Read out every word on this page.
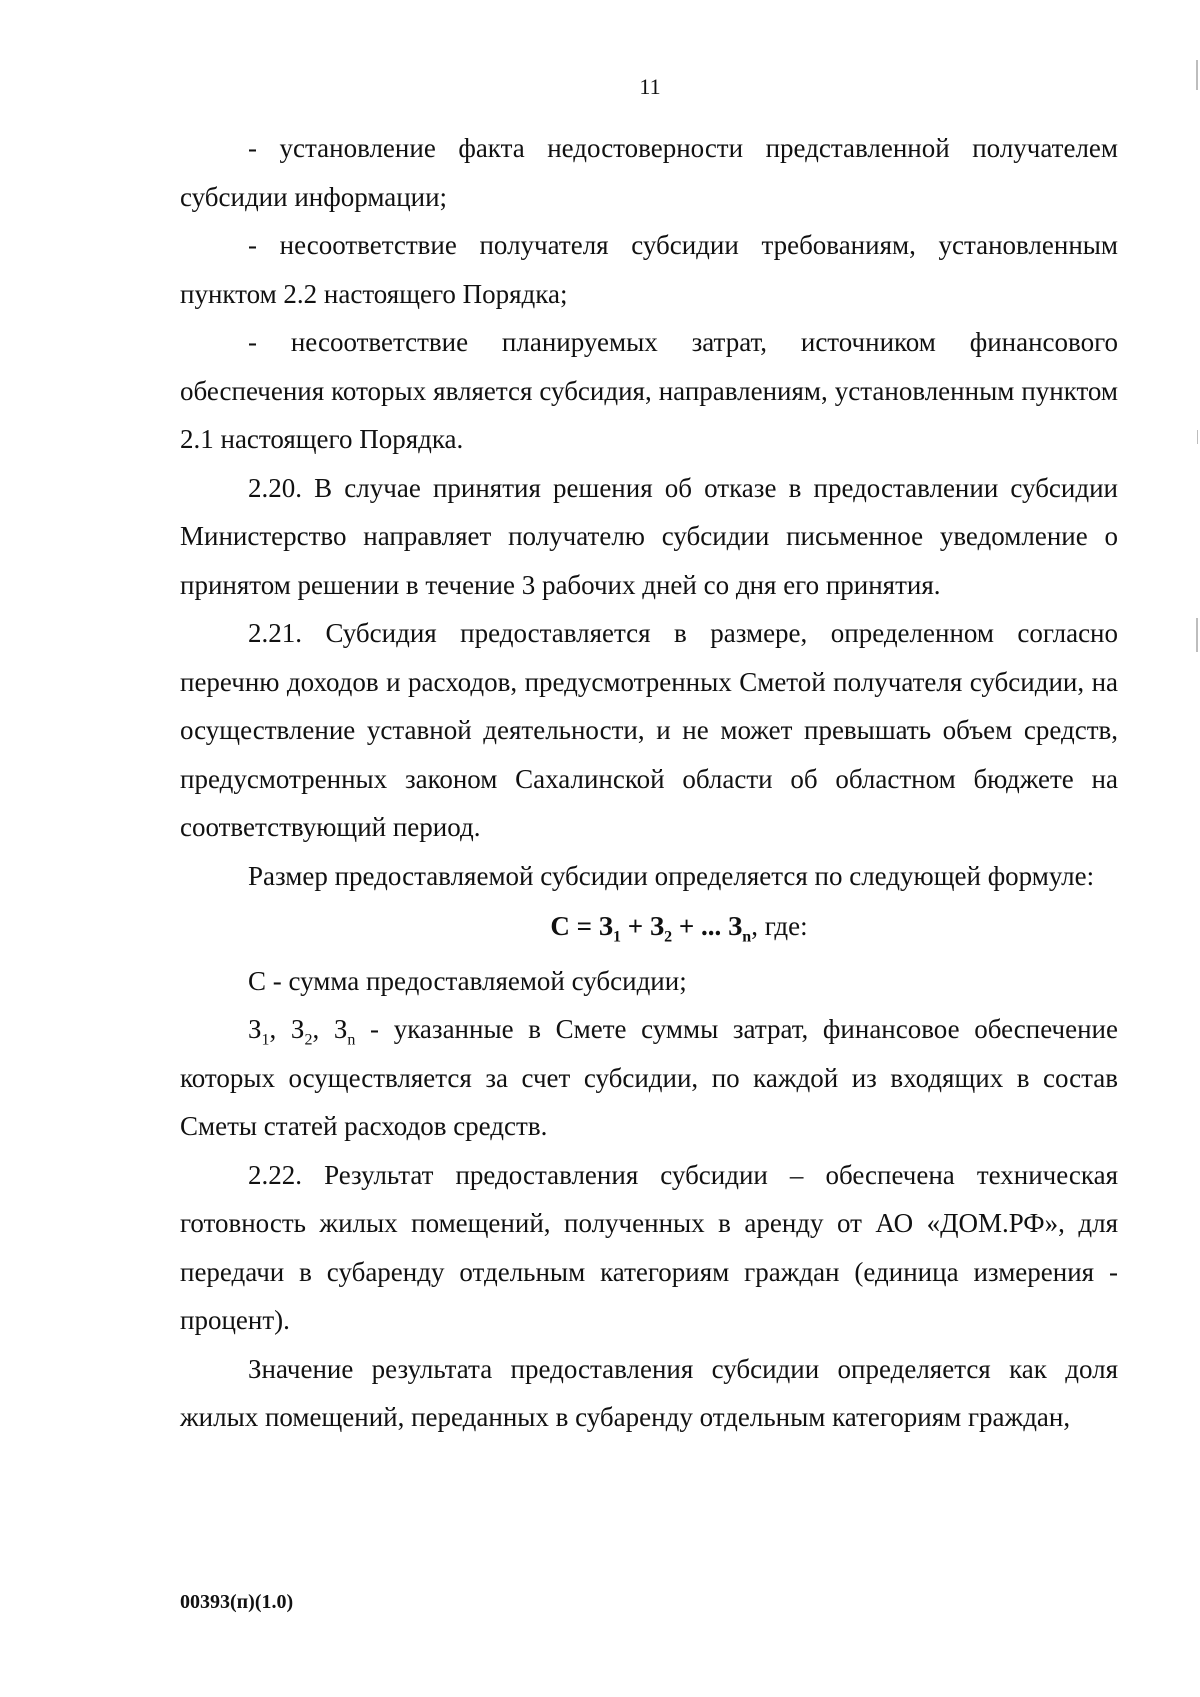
11

- установление факта недостоверности представленной получателем субсидии информации;

- несоответствие получателя субсидии требованиям, установленным пунктом 2.2 настоящего Порядка;

- несоответствие планируемых затрат, источником финансового обеспечения которых является субсидия, направлениям, установленным пунктом 2.1 настоящего Порядка.

2.20. В случае принятия решения об отказе в предоставлении субсидии Министерство направляет получателю субсидии письменное уведомление о принятом решении в течение 3 рабочих дней со дня его принятия.

2.21. Субсидия предоставляется в размере, определенном согласно перечню доходов и расходов, предусмотренных Сметой получателя субсидии, на осуществление уставной деятельности, и не может превышать объем средств, предусмотренных законом Сахалинской области об областном бюджете на соответствующий период.

Размер предоставляемой субсидии определяется по следующей формуле:

$С = З_1 + З_2$ + ... $З_n$, где:

С - сумма предоставляемой субсидии;

$З_1$, $З_2$, $З_n$ - указанные в Смете суммы затрат, финансовое обеспечение которых осуществляется за счет субсидии, по каждой из входящих в состав Сметы статей расходов средств.

2.22. Результат предоставления субсидии – обеспечена техническая готовность жилых помещений, полученных в аренду от АО «ДОМ.РФ», для передачи в субаренду отдельным категориям граждан (единица измерения - процент).

Значение результата предоставления субсидии определяется как доля жилых помещений, переданных в субаренду отдельным категориям граждан,

00393(п)(1.0)
